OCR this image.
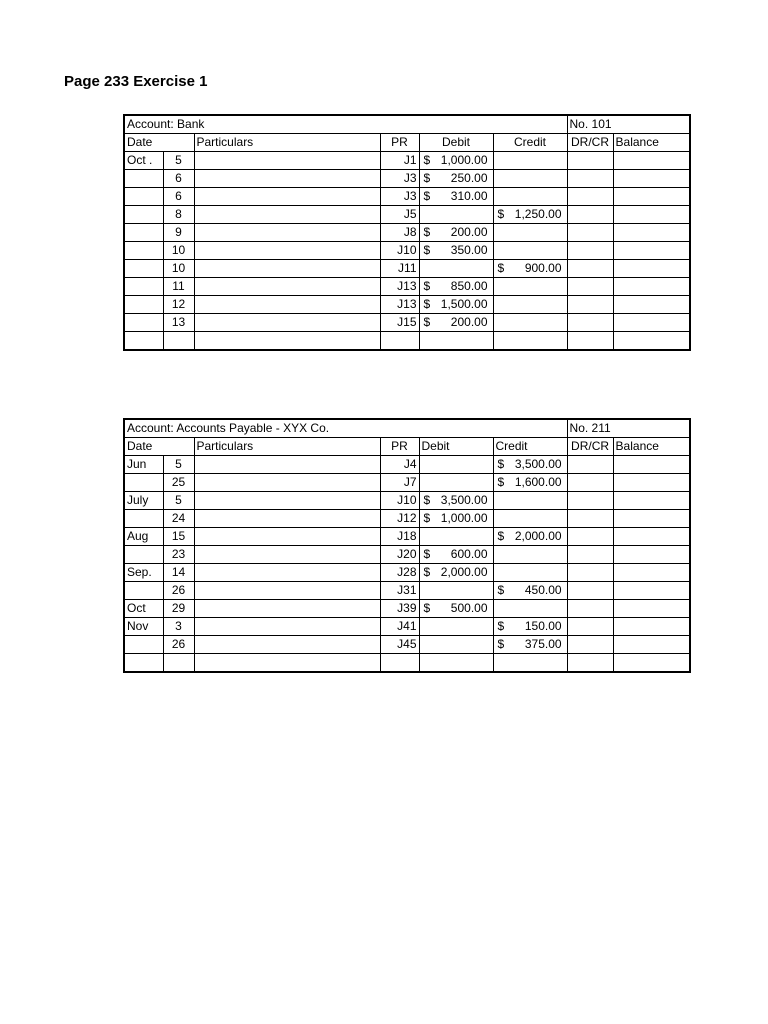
Page 233 Exercise 1
Account: Bank						No. 101	
Date		Particulars	PR	Debit	Credit	DR/CR	Balance
Oct .	5		J1	$ 1,000.00			

	6		J3	$ 250.00			

	6		J3	$ 310.00			

	8		J5		$ 1,250.00		

	9		J8	$ 200.00			

	10		J10	$ 350.00			

	10		J11		$ 900.00		

	11		J13	$ 850.00			

	12		J13	$ 1,500.00			

	13		J15	$ 200.00			

Account: Accounts Payable - XYX Co.						No. 211	
Date		Particulars	PR	Debit	Credit	DR/CR	Balance
Jun	5		J4		$ 3,500.00		

	25		J7		$ 1,600.00		

July	5		J10	$ 3,500.00			

	24		J12	$ 1,000.00			

Aug	15		J18		$ 2,000.00		

	23		J20	$ 600.00			

Sep.	14		J28	$ 2,000.00			

	26		J31		$ 450.00		

Oct	29		J39	$ 500.00			

Nov	3		J41		$ 150.00		

	26		J45		$ 375.00		
